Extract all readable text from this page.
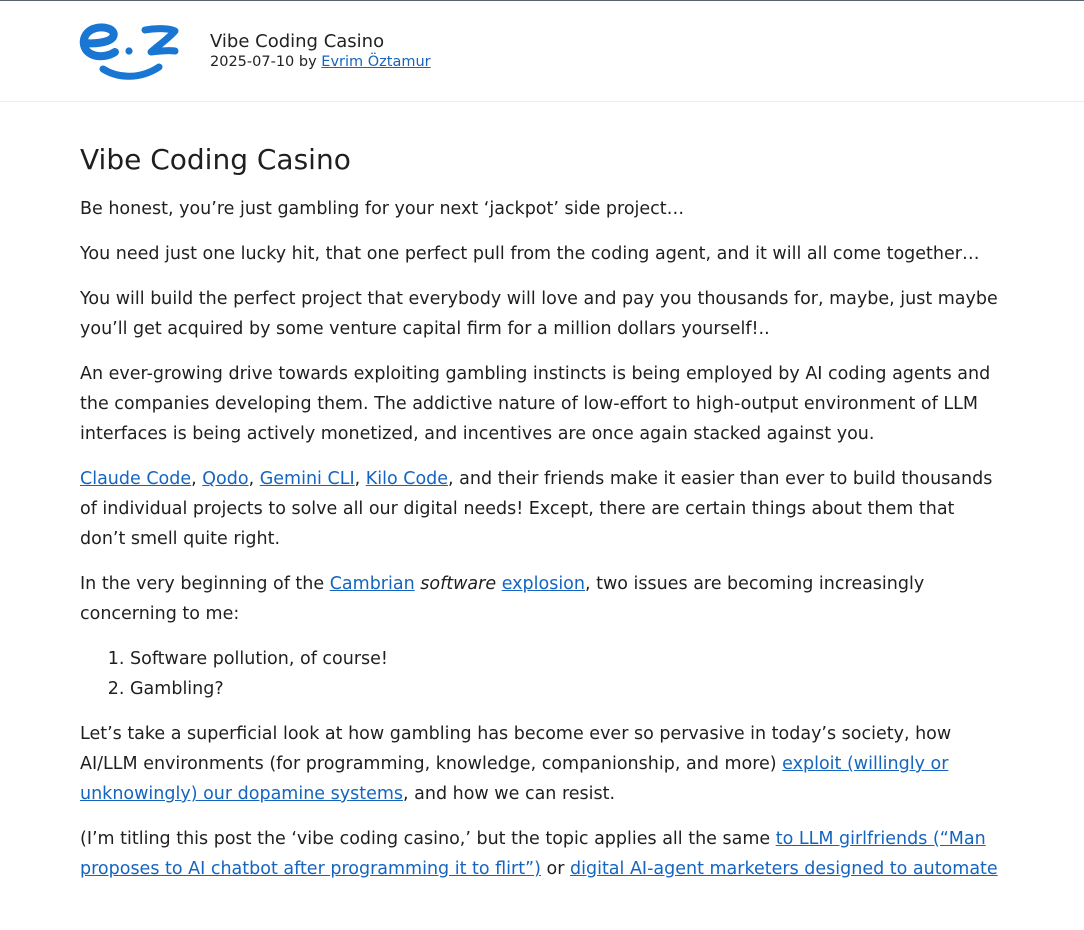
Vibe Coding Casino
2025-07-10 by Evrim Öztamur
Vibe Coding Casino

Be honest, you’re just gambling for your next ‘jackpot’ side project…

You need just one lucky hit, that one perfect pull from the coding agent, and it will all come together…

You will build the perfect project that everybody will love and pay you thousands for, maybe, just maybe you’ll get acquired by some venture capital firm for a million dollars yourself!..

An ever-growing drive towards exploiting gambling instincts is being employed by AI coding agents and the companies developing them. The addictive nature of low-effort to high-output environment of LLM interfaces is being actively monetized, and incentives are once again stacked against you.

Claude Code, Qodo, Gemini CLI, Kilo Code, and their friends make it easier than ever to build thousands of individual projects to solve all our digital needs! Except, there are certain things about them that don’t smell quite right.

In the very beginning of the Cambrian software explosion, two issues are becoming increasingly concerning to me:

1. Software pollution, of course!
2. Gambling?

Let’s take a superficial look at how gambling has become ever so pervasive in today’s society, how AI/LLM environments (for programming, knowledge, companionship, and more) exploit (willingly or unknowingly) our dopamine systems, and how we can resist.

(I’m titling this post the ‘vibe coding casino,’ but the topic applies all the same to LLM girlfriends (“Man proposes to AI chatbot after programming it to flirt”) or digital AI-agent marketers designed to automate
